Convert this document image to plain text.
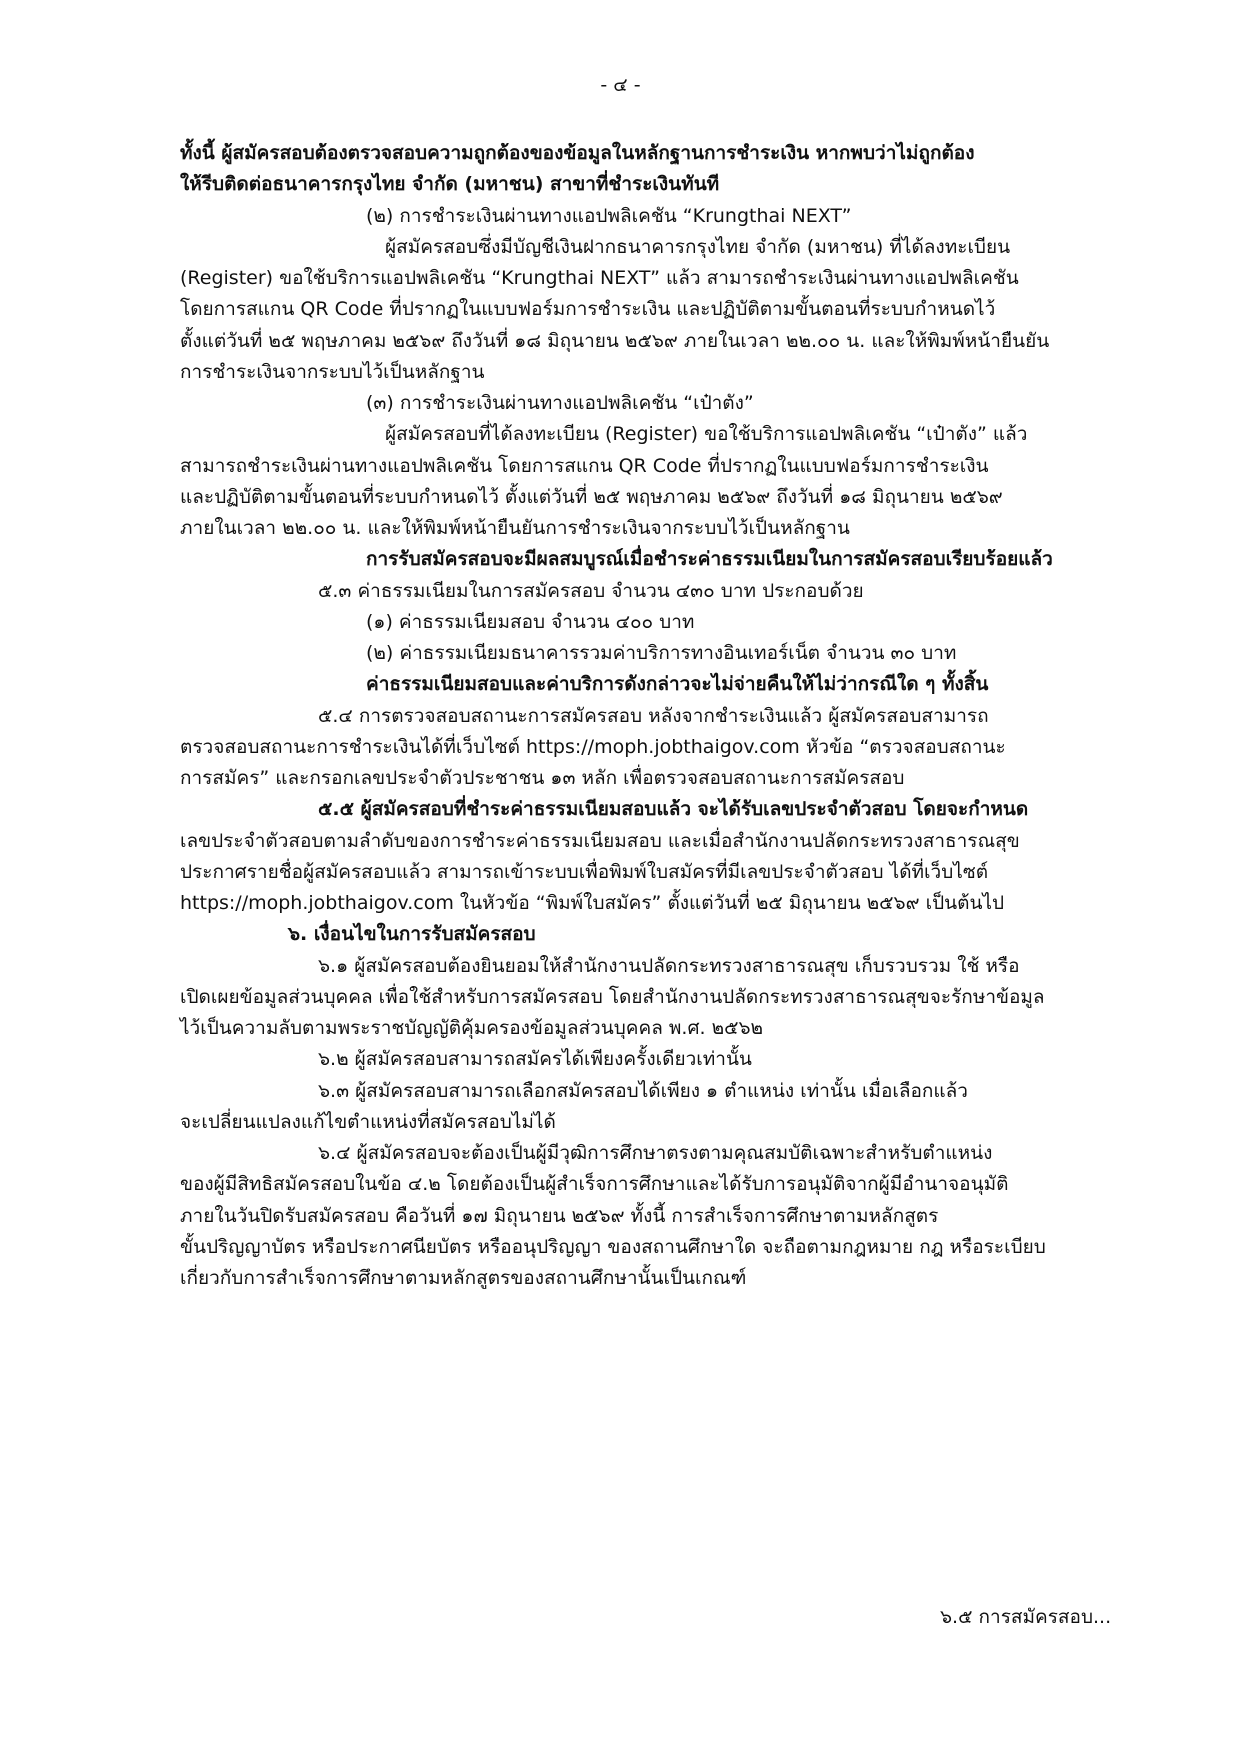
- ๔ -
ทั้งนี้ ผู้สมัครสอบต้องตรวจสอบความถูกต้องของข้อมูลในหลักฐานการชำระเงิน หากพบว่าไม่ถูกต้อง
ให้รีบติดต่อธนาคารกรุงไทย จำกัด (มหาชน) สาขาที่ชำระเงินทันที
(๒) การชำระเงินผ่านทางแอปพลิเคชัน “Krungthai NEXT”
ผู้สมัครสอบซึ่งมีบัญชีเงินฝากธนาคารกรุงไทย จำกัด (มหาชน) ที่ได้ลงทะเบียน
(Register) ขอใช้บริการแอปพลิเคชัน “Krungthai NEXT” แล้ว สามารถชำระเงินผ่านทางแอปพลิเคชัน
โดยการสแกน QR Code ที่ปรากฏในแบบฟอร์มการชำระเงิน และปฏิบัติตามขั้นตอนที่ระบบกำหนดไว้
ตั้งแต่วันที่ ๒๕ พฤษภาคม ๒๕๖๙ ถึงวันที่ ๑๘ มิถุนายน ๒๕๖๙ ภายในเวลา ๒๒.๐๐ น. และให้พิมพ์หน้ายืนยัน
การชำระเงินจากระบบไว้เป็นหลักฐาน
(๓) การชำระเงินผ่านทางแอปพลิเคชัน “เป๋าตัง”
ผู้สมัครสอบที่ได้ลงทะเบียน (Register) ขอใช้บริการแอปพลิเคชัน “เป๋าตัง” แล้ว
สามารถชำระเงินผ่านทางแอปพลิเคชัน โดยการสแกน QR Code ที่ปรากฏในแบบฟอร์มการชำระเงิน
และปฏิบัติตามขั้นตอนที่ระบบกำหนดไว้ ตั้งแต่วันที่ ๒๕ พฤษภาคม ๒๕๖๙ ถึงวันที่ ๑๘ มิถุนายน ๒๕๖๙
ภายในเวลา ๒๒.๐๐ น. และให้พิมพ์หน้ายืนยันการชำระเงินจากระบบไว้เป็นหลักฐาน
การรับสมัครสอบจะมีผลสมบูรณ์เมื่อชำระค่าธรรมเนียมในการสมัครสอบเรียบร้อยแล้ว
๕.๓ ค่าธรรมเนียมในการสมัครสอบ จำนวน ๔๓๐ บาท ประกอบด้วย
(๑) ค่าธรรมเนียมสอบ จำนวน ๔๐๐ บาท
(๒) ค่าธรรมเนียมธนาคารรวมค่าบริการทางอินเทอร์เน็ต จำนวน ๓๐ บาท
ค่าธรรมเนียมสอบและค่าบริการดังกล่าวจะไม่จ่ายคืนให้ไม่ว่ากรณีใด ๆ ทั้งสิ้น
๕.๔ การตรวจสอบสถานะการสมัครสอบ หลังจากชำระเงินแล้ว ผู้สมัครสอบสามารถ
ตรวจสอบสถานะการชำระเงินได้ที่เว็บไซต์ https://moph.jobthaigov.com หัวข้อ “ตรวจสอบสถานะ
การสมัคร” และกรอกเลขประจำตัวประชาชน ๑๓ หลัก เพื่อตรวจสอบสถานะการสมัครสอบ
๕.๕ ผู้สมัครสอบที่ชำระค่าธรรมเนียมสอบแล้ว จะได้รับเลขประจำตัวสอบ โดยจะกำหนด
เลขประจำตัวสอบตามลำดับของการชำระค่าธรรมเนียมสอบ และเมื่อสำนักงานปลัดกระทรวงสาธารณสุข
ประกาศรายชื่อผู้สมัครสอบแล้ว สามารถเข้าระบบเพื่อพิมพ์ใบสมัครที่มีเลขประจำตัวสอบ ได้ที่เว็บไซต์
https://moph.jobthaigov.com ในหัวข้อ “พิมพ์ใบสมัคร” ตั้งแต่วันที่ ๒๕ มิถุนายน ๒๕๖๙ เป็นต้นไป
๖. เงื่อนไขในการรับสมัครสอบ
๖.๑ ผู้สมัครสอบต้องยินยอมให้สำนักงานปลัดกระทรวงสาธารณสุข เก็บรวบรวม ใช้ หรือ
เปิดเผยข้อมูลส่วนบุคคล เพื่อใช้สำหรับการสมัครสอบ โดยสำนักงานปลัดกระทรวงสาธารณสุขจะรักษาข้อมูล
ไว้เป็นความลับตามพระราชบัญญัติคุ้มครองข้อมูลส่วนบุคคล พ.ศ. ๒๕๖๒
๖.๒ ผู้สมัครสอบสามารถสมัครได้เพียงครั้งเดียวเท่านั้น
๖.๓ ผู้สมัครสอบสามารถเลือกสมัครสอบได้เพียง ๑ ตำแหน่ง เท่านั้น เมื่อเลือกแล้ว
จะเปลี่ยนแปลงแก้ไขตำแหน่งที่สมัครสอบไม่ได้
๖.๔ ผู้สมัครสอบจะต้องเป็นผู้มีวุฒิการศึกษาตรงตามคุณสมบัติเฉพาะสำหรับตำแหน่ง
ของผู้มีสิทธิสมัครสอบในข้อ ๔.๒ โดยต้องเป็นผู้สำเร็จการศึกษาและได้รับการอนุมัติจากผู้มีอำนาจอนุมัติ
ภายในวันปิดรับสมัครสอบ คือวันที่ ๑๗ มิถุนายน ๒๕๖๙ ทั้งนี้ การสำเร็จการศึกษาตามหลักสูตร
ขั้นปริญญาบัตร หรือประกาศนียบัตร หรืออนุปริญญา ของสถานศึกษาใด จะถือตามกฎหมาย กฎ หรือระเบียบ
เกี่ยวกับการสำเร็จการศึกษาตามหลักสูตรของสถานศึกษานั้นเป็นเกณฑ์
๖.๕ การสมัครสอบ...
